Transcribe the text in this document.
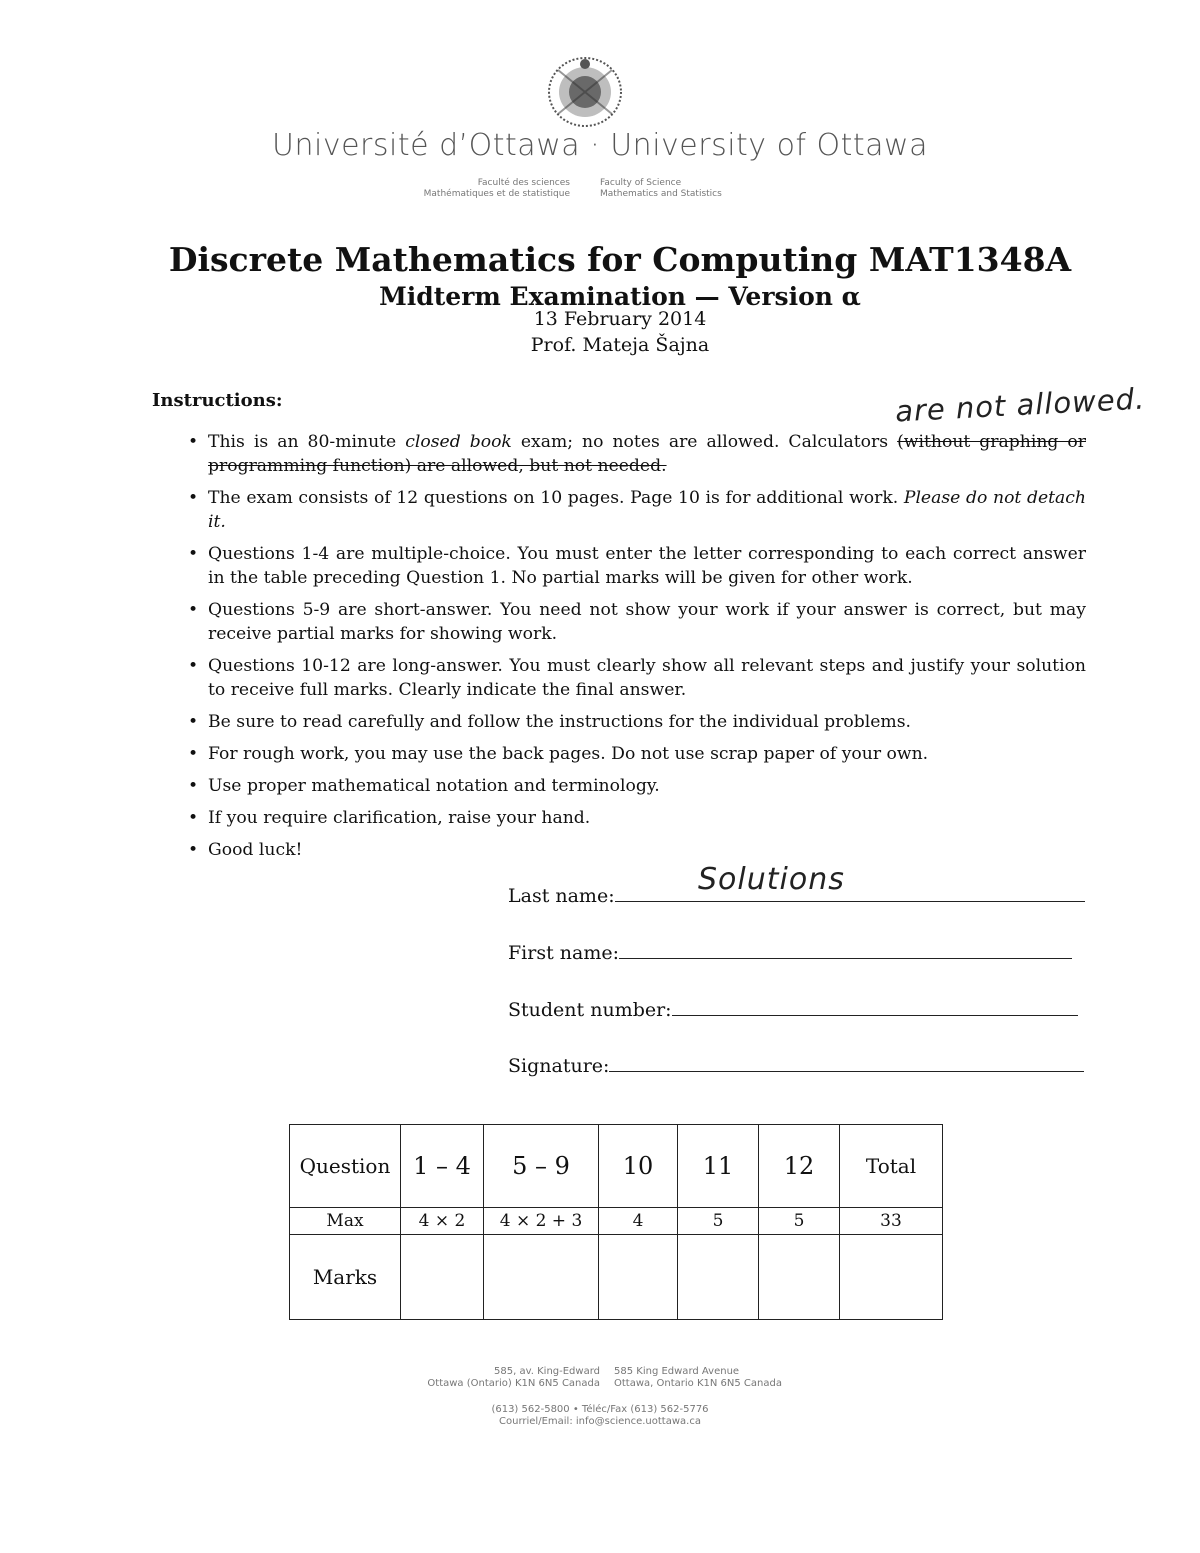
Université d’Ottawa · University of Ottawa
Faculté des sciences
Mathématiques et de statistique
Faculty of Science
Mathematics and Statistics
Discrete Mathematics for Computing MAT1348A
Midterm Examination — Version α
13 February 2014
Prof. Mateja Šajna
Instructions:	are not allowed.
• This is an 80-minute closed book exam; no notes are allowed. Calculators (without graphing or programming function) are allowed, but not needed.
• The exam consists of 12 questions on 10 pages. Page 10 is for additional work. Please do not detach it.
• Questions 1-4 are multiple-choice. You must enter the letter corresponding to each correct answer in the table preceding Question 1. No partial marks will be given for other work.
• Questions 5-9 are short-answer. You need not show your work if your answer is correct, but may receive partial marks for showing work.
• Questions 10-12 are long-answer. You must clearly show all relevant steps and justify your solution to receive full marks. Clearly indicate the final answer.
• Be sure to read carefully and follow the instructions for the individual problems.
• For rough work, you may use the back pages. Do not use scrap paper of your own.
• Use proper mathematical notation and terminology.
• If you require clarification, raise your hand.
• Good luck!
Last name:	Solutions
First name:
Student number:
Signature:
Question	1 – 4	5 – 9	10	11	12	Total
Max	4 × 2	4 × 2 + 3	4	5	5	33
Marks						
585, av. King-Edward
Ottawa (Ontario) K1N 6N5 Canada
585 King Edward Avenue
Ottawa, Ontario K1N 6N5 Canada
(613) 562-5800 • Téléc/Fax (613) 562-5776
Courriel/Email: info@science.uottawa.ca
